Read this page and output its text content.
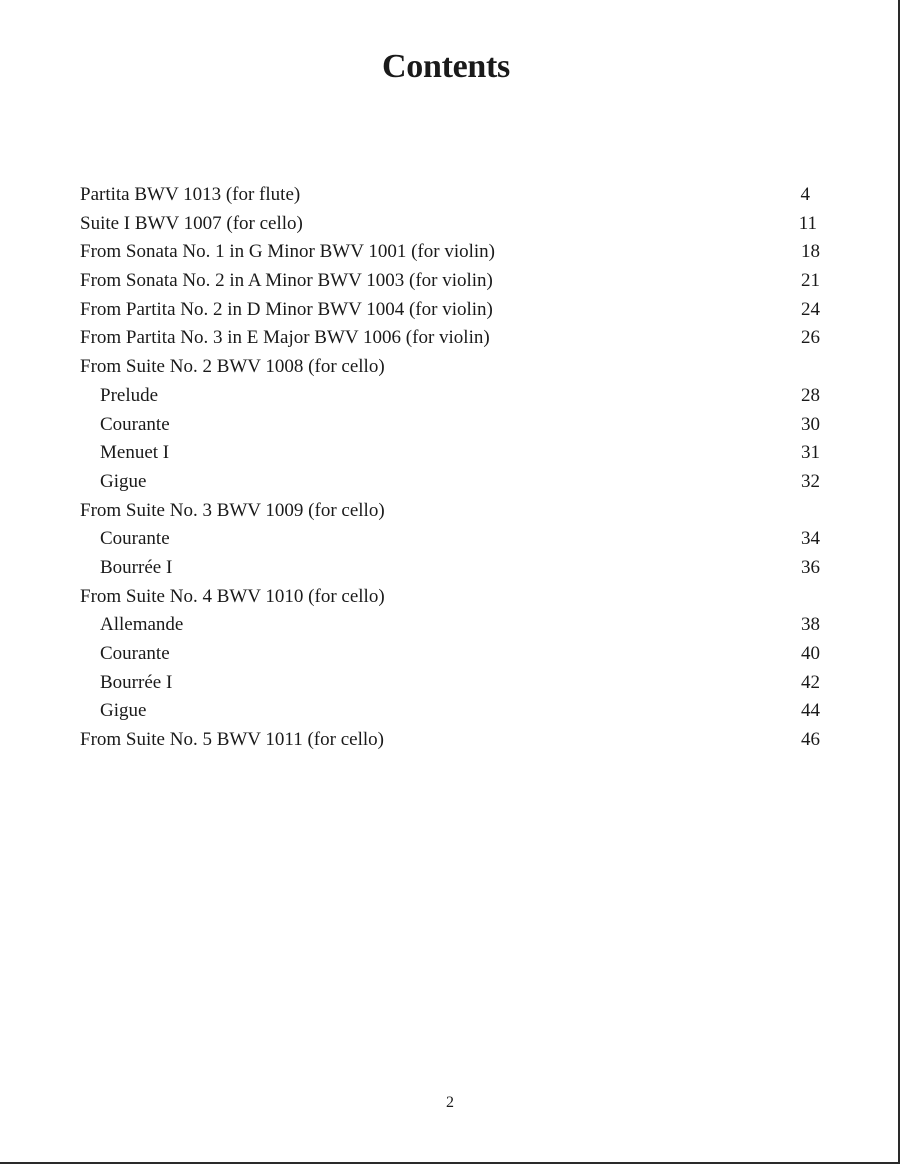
Contents
Partita BWV 1013 (for flute)	4
Suite I BWV 1007 (for cello)	11
From Sonata No. 1 in G Minor BWV 1001 (for violin)	18
From Sonata No. 2 in A Minor BWV 1003 (for violin)	21
From Partita No. 2 in D Minor BWV 1004 (for violin)	24
From Partita No. 3 in E Major BWV 1006 (for violin)	26
From Suite No. 2 BWV 1008 (for cello)
Prelude	28
Courante	30
Menuet I	31
Gigue	32
From Suite No. 3 BWV 1009 (for cello)
Courante	34
Bourrée I	36
From Suite No. 4 BWV 1010 (for cello)
Allemande	38
Courante	40
Bourrée I	42
Gigue	44
From Suite No. 5 BWV 1011 (for cello)	46
2
